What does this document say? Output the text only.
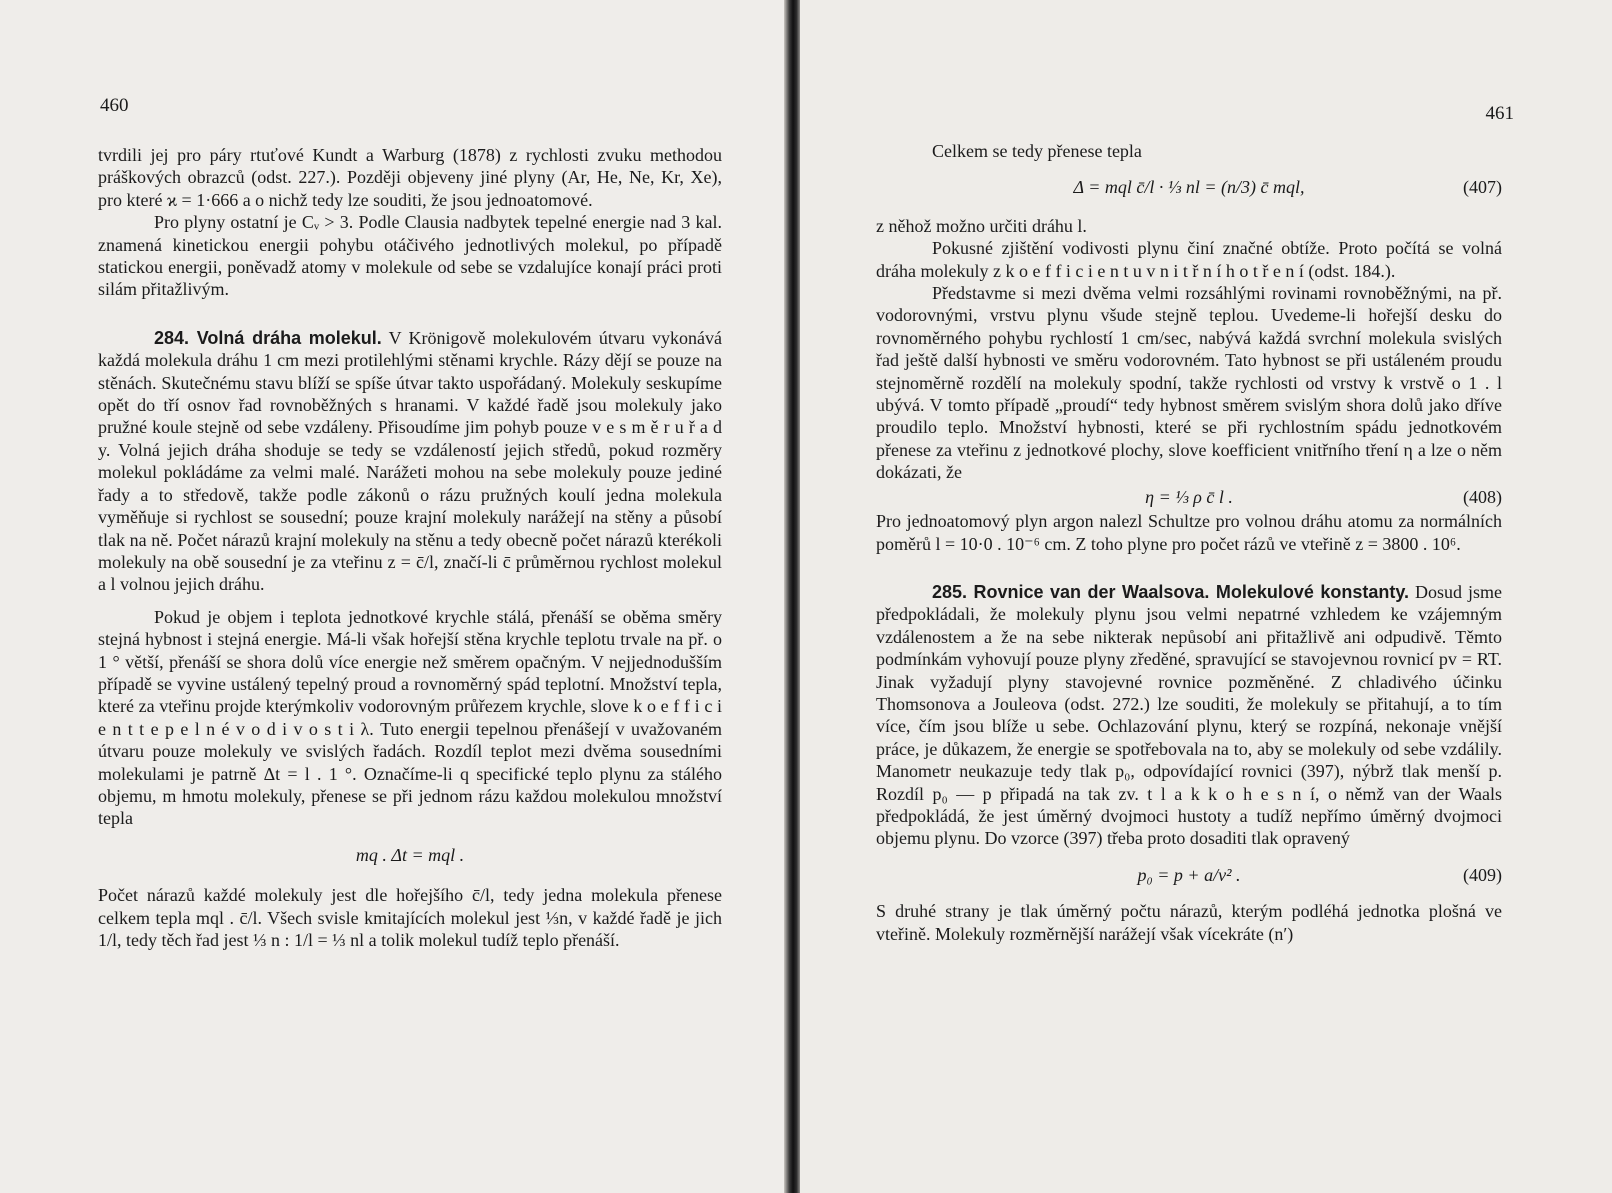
460

tvrdili jej pro páry rtuťové Kundt a Warburg (1878) z rychlosti zvuku methodou práškových obrazců (odst. 227.). Později objeveny jiné plyny (Ar, He, Ne, Kr, Xe), pro které ϰ = 1·666 a o nichž tedy lze souditi, že jsou jednoatomové.

Pro plyny ostatní je Cᵥ > 3. Podle Clausia nadbytek tepelné energie nad 3 kal. znamená kinetickou energii pohybu otáčivého jednotlivých molekul, po případě statickou energii, poněvadž atomy v molekule od sebe se vzdalujíce konají práci proti silám přitažlivým.

284. Volná dráha molekul. V Krönigově molekulovém útvaru vykonává každá molekula dráhu 1 cm mezi protilehlými stěnami krychle. Rázy dějí se pouze na stěnách. Skutečnému stavu blíží se spíše útvar takto uspořádaný. Molekuly seskupíme opět do tří osnov řad rovnoběžných s hranami. V každé řadě jsou molekuly jako pružné koule stejně od sebe vzdáleny. Přisoudíme jim pohyb pouze v e s m ě r u ř a d y. Volná jejich dráha shoduje se tedy se vzdáleností jejich středů, pokud rozměry molekul pokládáme za velmi malé. Narážeti mohou na sebe molekuly pouze jediné řady a to středově, takže podle zákonů o rázu pružných koulí jedna molekula vyměňuje si rychlost se sousední; pouze krajní molekuly narážejí na stěny a působí tlak na ně. Počet nárazů krajní molekuly na stěnu a tedy obecně počet nárazů kterékoli molekuly na obě sousední je za vteřinu z = c̄/l, značí-li c̄ průměrnou rychlost molekul a l volnou jejich dráhu.

Pokud je objem i teplota jednotkové krychle stálá, přenáší se oběma směry stejná hybnost i stejná energie. Má-li však hořejší stěna krychle teplotu trvale na př. o 1 ° větší, přenáší se shora dolů více energie než směrem opačným. V nejjednodušším případě se vyvine ustálený tepelný proud a rovnoměrný spád teplotní. Množství tepla, které za vteřinu projde kterýmkoliv vodorovným průřezem krychle, slove k o e f f i c i e n t t e p e l n é v o d i v o s t i λ. Tuto energii tepelnou přenášejí v uvažovaném útvaru pouze molekuly ve svislých řadách. Rozdíl teplot mezi dvěma sousedními molekulami je patrně Δt = l . 1 °. Označíme-li q specifické teplo plynu za stálého objemu, m hmotu molekuly, přenese se při jednom rázu každou molekulou množství tepla

mq . Δt = mql .

Počet nárazů každé molekuly jest dle hořejšího c̄/l, tedy jedna molekula přenese celkem tepla mql . c̄/l. Všech svisle kmitajících molekul jest ⅓n, v každé řadě je jich 1/l, tedy těch řad jest ⅓ n : 1/l = ⅓ nl a tolik molekul tudíž teplo přenáší.

461

Celkem se tedy přenese tepla

Δ = mql c̄/l · ⅓ nl = (n/3) c̄ mql,	(407)

z něhož možno určiti dráhu l.

Pokusné zjištění vodivosti plynu činí značné obtíže. Proto počítá se volná dráha molekuly z k o e f f i c i e n t u v n i t ř n í h o t ř e n í (odst. 184.).

Představme si mezi dvěma velmi rozsáhlými rovinami rovnoběžnými, na př. vodorovnými, vrstvu plynu všude stejně teplou. Uvedeme-li hořejší desku do rovnoměrného pohybu rychlostí 1 cm/sec, nabývá každá svrchní molekula svislých řad ještě další hybnosti ve směru vodorovném. Tato hybnost se při ustáleném proudu stejnoměrně rozdělí na molekuly spodní, takže rychlosti od vrstvy k vrstvě o 1 . l ubývá. V tomto případě „proudí“ tedy hybnost směrem svislým shora dolů jako dříve proudilo teplo. Množství hybnosti, které se při rychlostním spádu jednotkovém přenese za vteřinu z jednotkové plochy, slove koefficient vnitřního tření η a lze o něm dokázati, že

η = ⅓ ρ c̄ l .	(408)

Pro jednoatomový plyn argon nalezl Schultze pro volnou dráhu atomu za normálních poměrů l = 10·0 . 10⁻⁶ cm. Z toho plyne pro počet rázů ve vteřině z = 3800 . 10⁶.

285. Rovnice van der Waalsova. Molekulové konstanty. Dosud jsme předpokládali, že molekuly plynu jsou velmi nepatrné vzhledem ke vzájemným vzdálenostem a že na sebe nikterak nepůsobí ani přitažlivě ani odpudivě. Těmto podmínkám vyhovují pouze plyny zředěné, spravující se stavojevnou rovnicí pv = RT. Jinak vyžadují plyny stavojevné rovnice pozměněné. Z chladivého účinku Thomsonova a Jouleova (odst. 272.) lze souditi, že molekuly se přitahují, a to tím více, čím jsou blíže u sebe. Ochlazování plynu, který se rozpíná, nekonaje vnější práce, je důkazem, že energie se spotřebovala na to, aby se molekuly od sebe vzdálily. Manometr neukazuje tedy tlak p₀, odpovídající rovnici (397), nýbrž tlak menší p. Rozdíl p₀ — p připadá na tak zv. t l a k k o h e s n í, o němž van der Waals předpokládá, že jest úměrný dvojmoci hustoty a tudíž nepřímo úměrný dvojmoci objemu plynu. Do vzorce (397) třeba proto dosaditi tlak opravený

p₀ = p + a/v² .	(409)

S druhé strany je tlak úměrný počtu nárazů, kterým podléhá jednotka plošná ve vteřině. Molekuly rozměrnější narážejí však vícekráte (n′)
